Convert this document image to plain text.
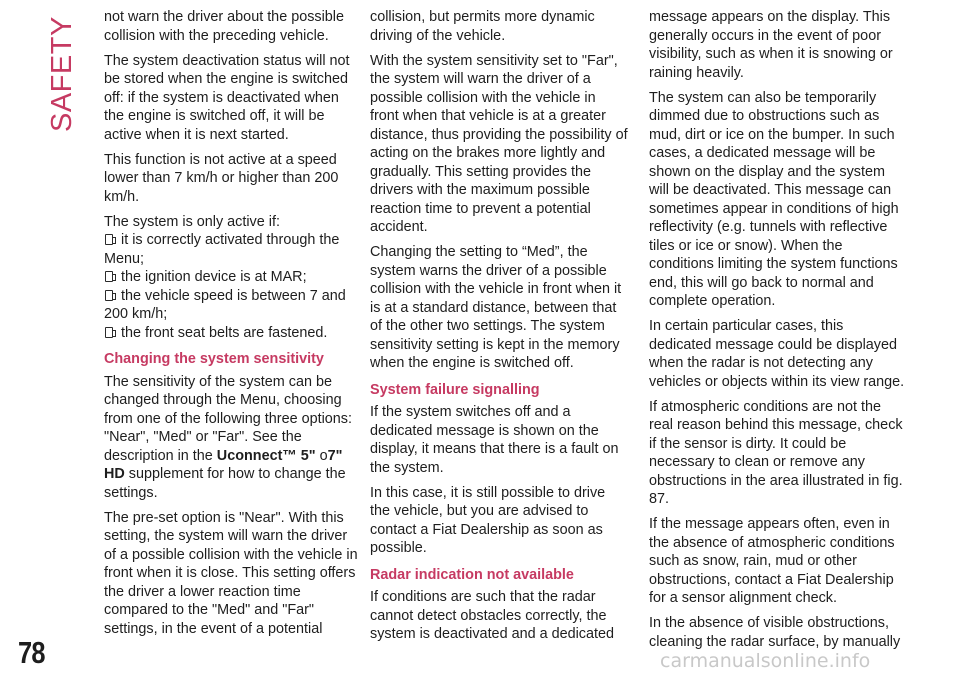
SAFETY
78

not warn the driver about the possible collision with the preceding vehicle.

The system deactivation status will not be stored when the engine is switched off: if the system is deactivated when the engine is switched off, it will be active when it is next started.

This function is not active at a speed lower than 7 km/h or higher than 200 km/h.

The system is only active if:

it is correctly activated through the Menu;
the ignition device is at MAR;
the vehicle speed is between 7 and 200 km/h;
the front seat belts are fastened.
Changing the system sensitivity

The sensitivity of the system can be changed through the Menu, choosing from one of the following three options: "Near", "Med" or "Far". See the description in the Uconnect™ 5" o7" HD supplement for how to change the settings.

The pre-set option is "Near". With this setting, the system will warn the driver of a possible collision with the vehicle in front when it is close. This setting offers the driver a lower reaction time compared to the "Med" and "Far" settings, in the event of a potential

collision, but permits more dynamic driving of the vehicle.

With the system sensitivity set to "Far", the system will warn the driver of a possible collision with the vehicle in front when that vehicle is at a greater distance, thus providing the possibility of acting on the brakes more lightly and gradually. This setting provides the drivers with the maximum possible reaction time to prevent a potential accident.

Changing the setting to “Med”, the system warns the driver of a possible collision with the vehicle in front when it is at a standard distance, between that of the other two settings. The system sensitivity setting is kept in the memory when the engine is switched off.

System failure signalling

If the system switches off and a dedicated message is shown on the display, it means that there is a fault on the system.

In this case, it is still possible to drive the vehicle, but you are advised to contact a Fiat Dealership as soon as possible.

Radar indication not available

If conditions are such that the radar cannot detect obstacles correctly, the system is deactivated and a dedicated

message appears on the display. This generally occurs in the event of poor visibility, such as when it is snowing or raining heavily.

The system can also be temporarily dimmed due to obstructions such as mud, dirt or ice on the bumper. In such cases, a dedicated message will be shown on the display and the system will be deactivated. This message can sometimes appear in conditions of high reflectivity (e.g. tunnels with reflective tiles or ice or snow). When the conditions limiting the system functions end, this will go back to normal and complete operation.

In certain particular cases, this dedicated message could be displayed when the radar is not detecting any vehicles or objects within its view range.

If atmospheric conditions are not the real reason behind this message, check if the sensor is dirty. It could be necessary to clean or remove any obstructions in the area illustrated in fig. 87.

If the message appears often, even in the absence of atmospheric conditions such as snow, rain, mud or other obstructions, contact a Fiat Dealership for a sensor alignment check.

In the absence of visible obstructions, cleaning the radar surface, by manually

carmanualsonline.info
